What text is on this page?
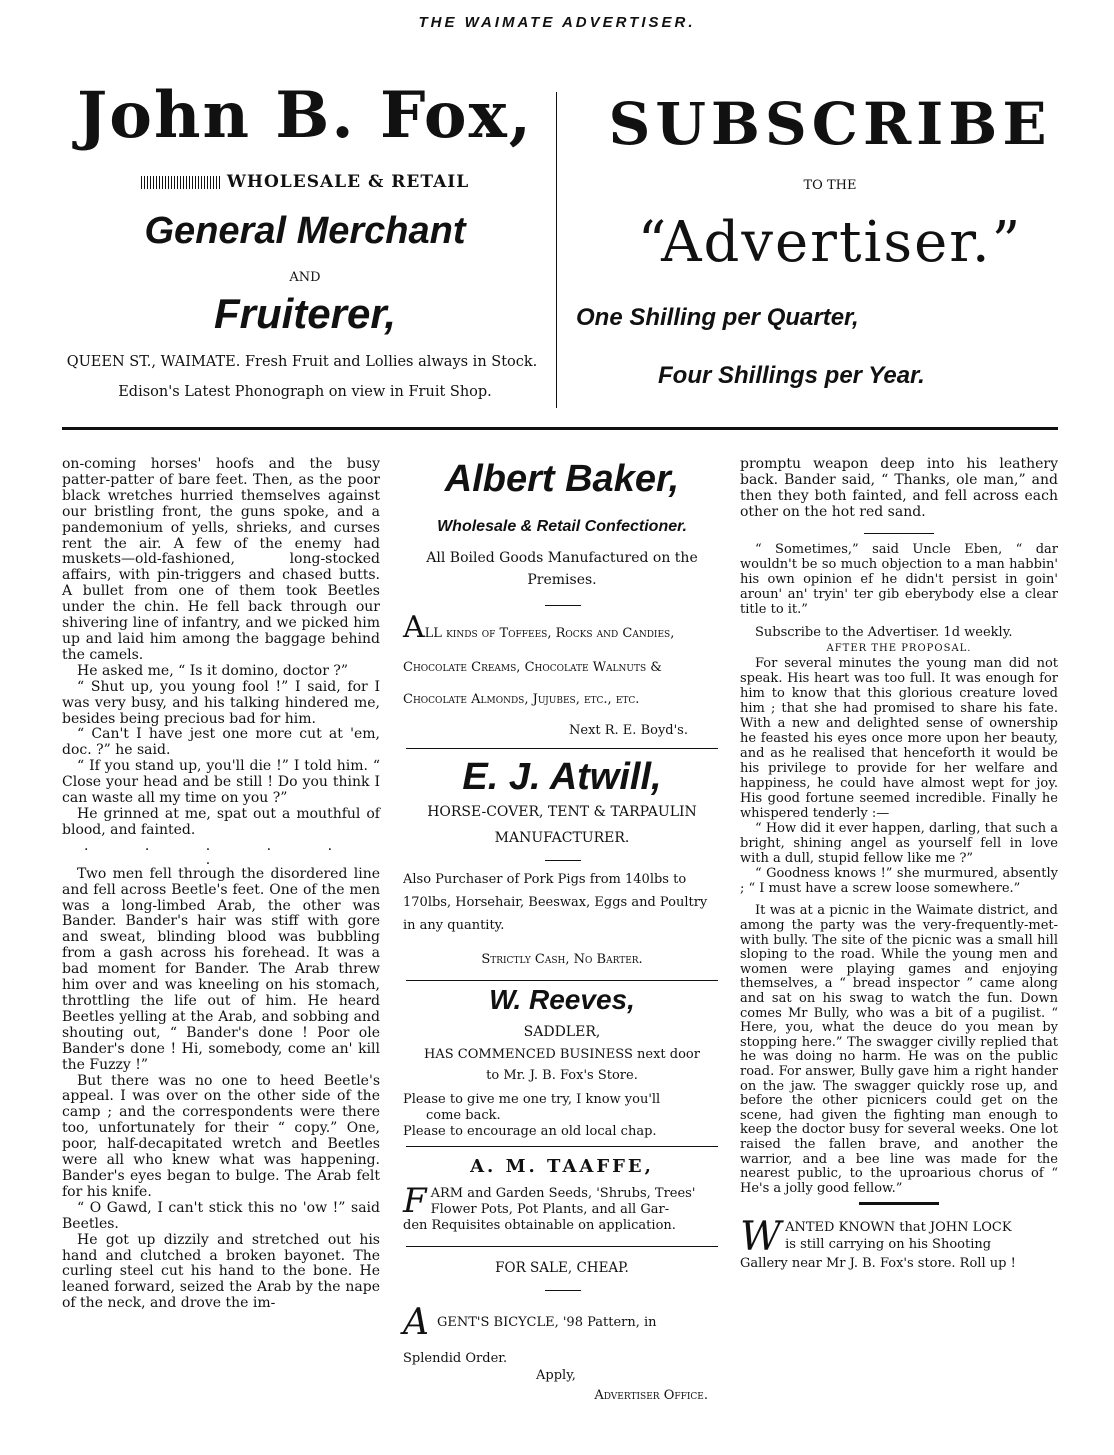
THE WAIMATE ADVERTISER.
John B. Fox,
WHOLESALE & RETAIL
General Merchant
AND
Fruiterer,
QUEEN ST., WAIMATE. Fresh Fruit and Lollies always in Stock.
Edison's Latest Phonograph on view in Fruit Shop.
SUBSCRIBE
TO THE
“Advertiser.”
One Shilling per Quarter,
Four Shillings per Year.

on-coming horses' hoofs and the busy patter-patter of bare feet. Then, as the poor black wretches hurried themselves against our bristling front, the guns spoke, and a pandemonium of yells, shrieks, and curses rent the air. A few of the enemy had muskets—old-fashioned, long-stocked affairs, with pin-triggers and chased butts. A bullet from one of them took Beetles under the chin. He fell back through our shivering line of infantry, and we picked him up and laid him among the baggage behind the camels.

He asked me, “ Is it domino, doctor ?”

“ Shut up, you young fool !” I said, for I was very busy, and his talking hindered me, besides being precious bad for him.

“ Can't I have jest one more cut at 'em, doc. ?” he said.

“ If you stand up, you'll die !” I told him. “ Close your head and be still ! Do you think I can waste all my time on you ?”

He grinned at me, spat out a mouthful of blood, and fainted.

. . . . . .

Two men fell through the disordered line and fell across Beetle's feet. One of the men was a long-limbed Arab, the other was Bander. Bander's hair was stiff with gore and sweat, blinding blood was bubbling from a gash across his forehead. It was a bad moment for Bander. The Arab threw him over and was kneeling on his stomach, throttling the life out of him. He heard Beetles yelling at the Arab, and sobbing and shouting out, “ Bander's done ! Poor ole Bander's done ! Hi, somebody, come an' kill the Fuzzy !”

But there was no one to heed Beetle's appeal. I was over on the other side of the camp ; and the correspondents were there too, unfortunately for their “ copy.” One, poor, half-decapitated wretch and Beetles were all who knew what was happening. Bander's eyes began to bulge. The Arab felt for his knife.

“ O Gawd, I can't stick this no 'ow !” said Beetles.

He got up dizzily and stretched out his hand and clutched a broken bayonet. The curling steel cut his hand to the bone. He leaned forward, seized the Arab by the nape of the neck, and drove the im-

Albert Baker,
Wholesale & Retail Confectioner.
All Boiled Goods Manufactured on the
Premises.
ALL kinds of Toffees, Rocks and Candies,
Chocolate Creams, Chocolate Walnuts &
Chocolate Almonds, Jujubes, etc., etc.
Next R. E. Boyd's.
E. J. Atwill,
HORSE-COVER, TENT & TARPAULIN
MANUFACTURER.
Also Purchaser of Pork Pigs from 140lbs to
170lbs, Horsehair, Beeswax, Eggs and Poultry
in any quantity.
Strictly Cash, No Barter.
W. Reeves,
SADDLER,
HAS COMMENCED BUSINESS next door
to Mr. J. B. Fox's Store.
Please to give me one try, I know you'll
come back.
Please to encourage an old local chap.
A. M. TAAFFE,
F ARM and Garden Seeds, 'Shrubs, Trees'
Flower Pots, Pot Plants, and all Gar-
den Requisites obtainable on application.
FOR SALE, CHEAP.
AGENT'S BICYCLE, '98 Pattern, in
Splendid Order.
Apply,
Advertiser Office.

promptu weapon deep into his leathery back. Bander said, “ Thanks, ole man,” and then they both fainted, and fell across each other on the hot red sand.

“ Sometimes,” said Uncle Eben, “ dar wouldn't be so much objection to a man habbin' his own opinion ef he didn't persist in goin' aroun' an' tryin' ter gib eberybody else a clear title to it.”

Subscribe to the Advertiser. 1d weekly.

AFTER THE PROPOSAL.

For several minutes the young man did not speak. His heart was too full. It was enough for him to know that this glorious creature loved him ; that she had promised to share his fate. With a new and delighted sense of ownership he feasted his eyes once more upon her beauty, and as he realised that henceforth it would be his privilege to provide for her welfare and happiness, he could have almost wept for joy. His good fortune seemed incredible. Finally he whispered tenderly :—

“ How did it ever happen, darling, that such a bright, shining angel as yourself fell in love with a dull, stupid fellow like me ?”

“ Goodness knows !” she murmured, absently ; “ I must have a screw loose somewhere.”

It was at a picnic in the Waimate district, and among the party was the very-frequently-met-with bully. The site of the picnic was a small hill sloping to the road. While the young men and women were playing games and enjoying themselves, a “ bread inspector ” came along and sat on his swag to watch the fun. Down comes Mr Bully, who was a bit of a pugilist. “ Here, you, what the deuce do you mean by stopping here.” The swagger civilly replied that he was doing no harm. He was on the public road. For answer, Bully gave him a right hander on the jaw. The swagger quickly rose up, and before the other picnicers could get on the scene, had given the fighting man enough to keep the doctor busy for several weeks. One lot raised the fallen brave, and another the warrior, and a bee line was made for the nearest public, to the uproarious chorus of “ He's a jolly good fellow.”

W ANTED KNOWN that JOHN LOCK
is still carrying on his Shooting
Gallery near Mr J. B. Fox's store. Roll up !
